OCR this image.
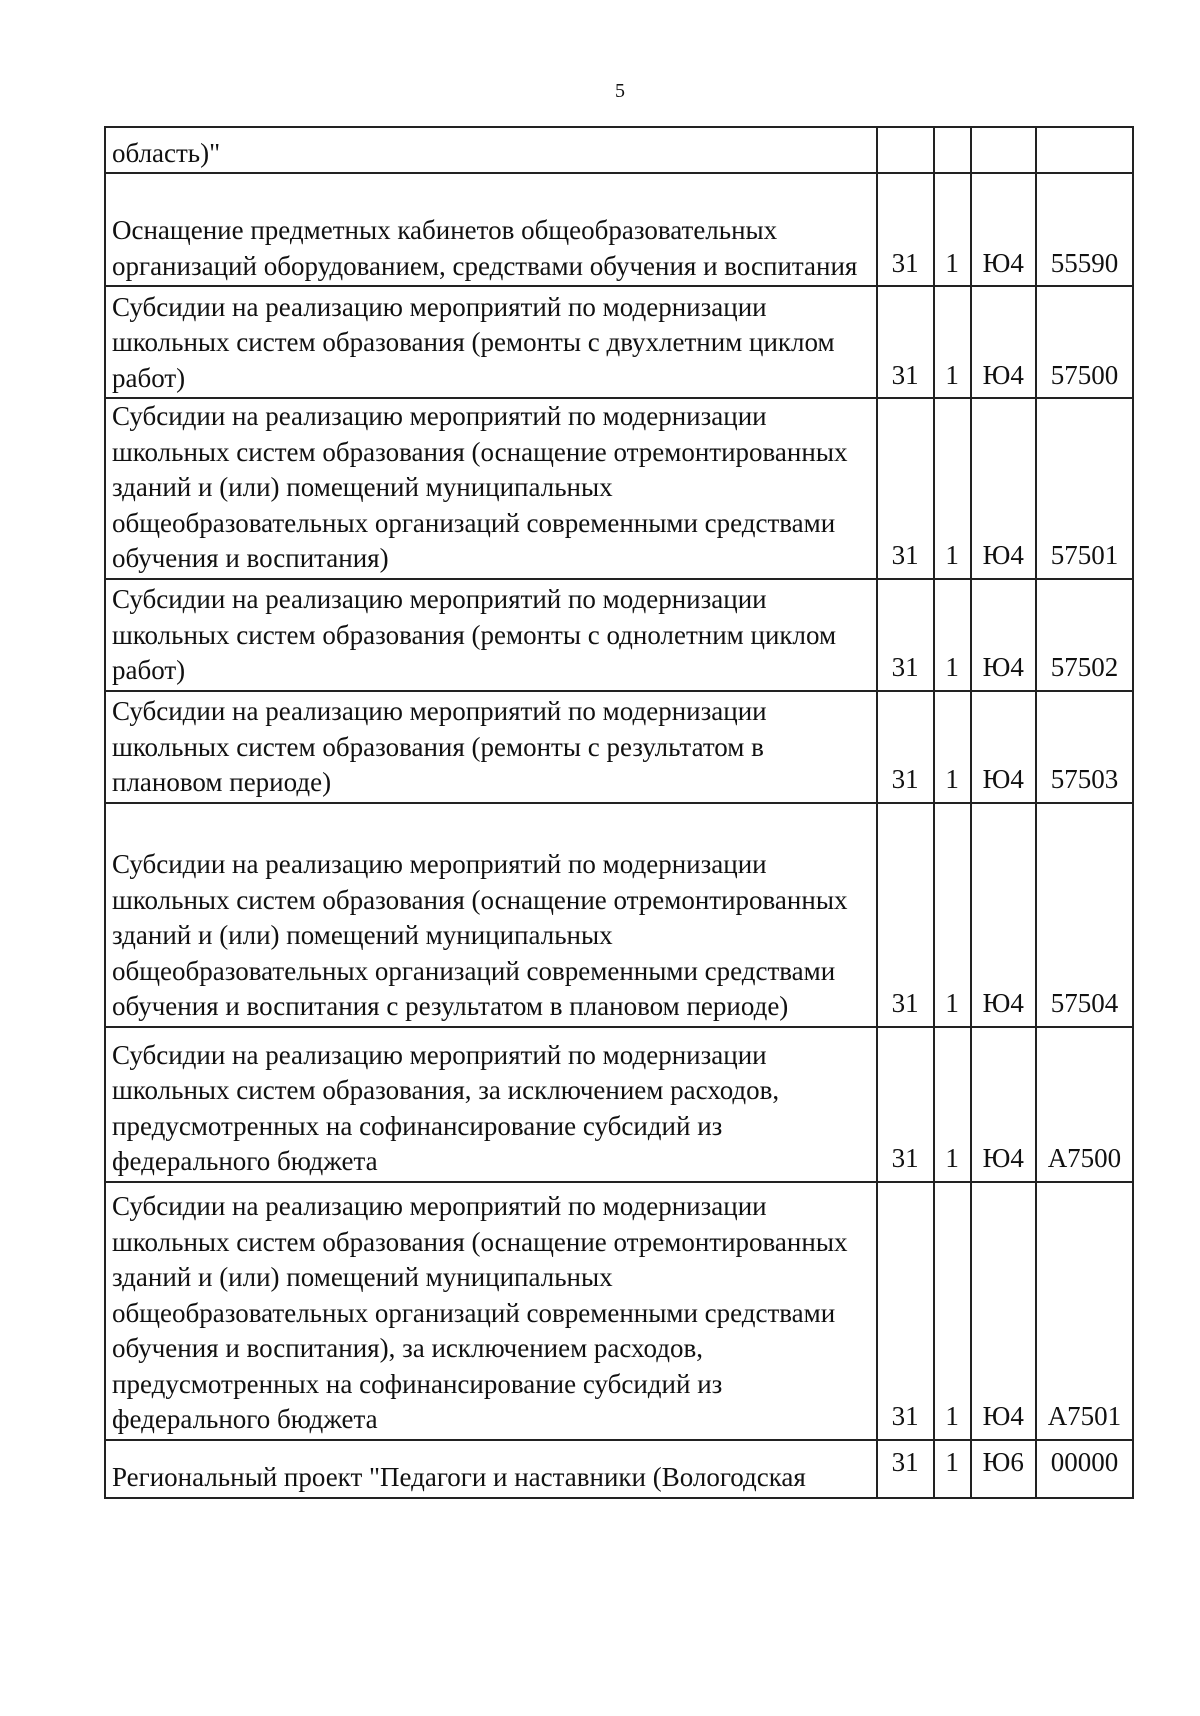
5
область)"				
Оснащение предметных кабинетов общеобразовательных организаций оборудованием, средствами обучения и воспитания	31	1	Ю4	55590
Субсидии на реализацию мероприятий по модернизации школьных систем образования (ремонты с двухлетним циклом работ)	31	1	Ю4	57500
Субсидии на реализацию мероприятий по модернизации школьных систем образования (оснащение отремонтированных зданий и (или) помещений муниципальных общеобразовательных организаций современными средствами обучения и воспитания)	31	1	Ю4	57501
Субсидии на реализацию мероприятий по модернизации школьных систем образования (ремонты с однолетним циклом работ)	31	1	Ю4	57502
Субсидии на реализацию мероприятий по модернизации школьных систем образования (ремонты с результатом в плановом периоде)	31	1	Ю4	57503
Субсидии на реализацию мероприятий по модернизации школьных систем образования (оснащение отремонтированных зданий и (или) помещений муниципальных общеобразовательных организаций современными средствами обучения и воспитания с результатом в плановом периоде)	31	1	Ю4	57504
Субсидии на реализацию мероприятий по модернизации школьных систем образования, за исключением расходов, предусмотренных на софинансирование субсидий из федерального бюджета	31	1	Ю4	А7500
Субсидии на реализацию мероприятий по модернизации школьных систем образования (оснащение отремонтированных зданий и (или) помещений муниципальных общеобразовательных организаций современными средствами обучения и воспитания), за исключением расходов, предусмотренных на софинансирование субсидий из федерального бюджета	31	1	Ю4	А7501
Региональный проект "Педагоги и наставники (Вологодская	31	1	Ю6	00000
